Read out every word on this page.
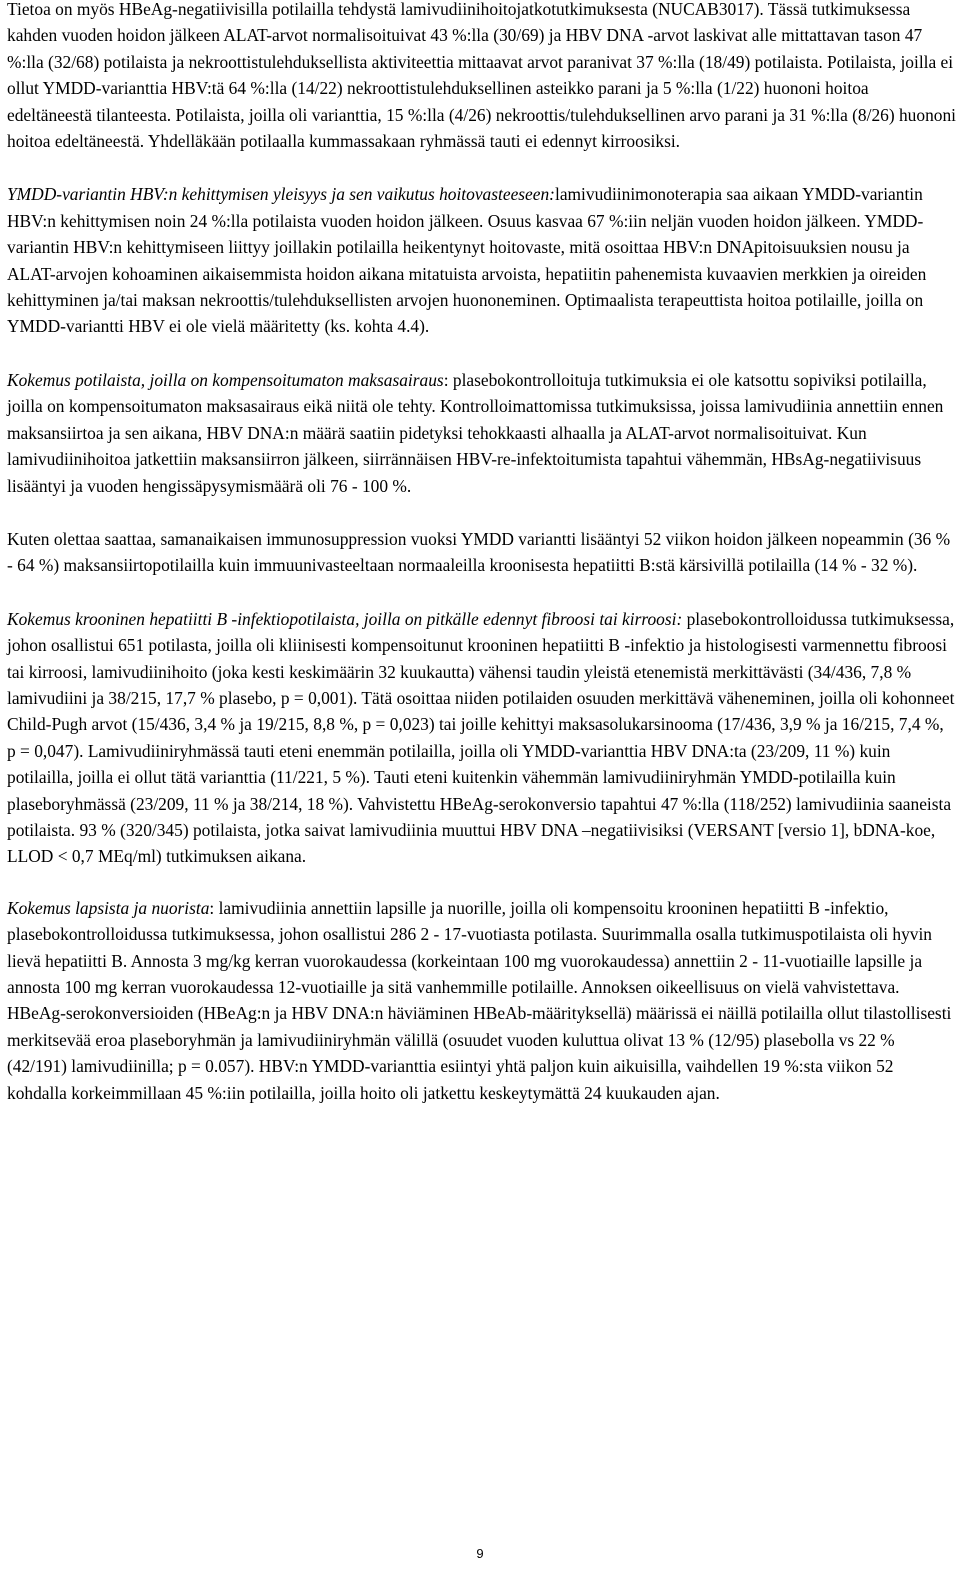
Tietoa on myös HBeAg-negatiivisilla potilailla tehdystä lamivudiinihoitojatkotutkimuksesta (NUCAB3017). Tässä tutkimuksessa kahden vuoden hoidon jälkeen ALAT-arvot normalisoituivat 43 %:lla (30/69) ja HBV DNA -arvot laskivat alle mittattavan tason 47 %:lla (32/68) potilaista ja nekroottistulehduksellista aktiviteettia mittaavat arvot paranivat 37 %:lla (18/49) potilaista. Potilaista, joilla ei ollut YMDD-varianttia HBV:tä 64 %:lla (14/22) nekroottistulehduksellinen asteikko parani ja 5 %:lla (1/22) huononi hoitoa edeltäneestä tilanteesta. Potilaista, joilla oli varianttia, 15 %:lla (4/26) nekroottis/tulehduksellinen arvo parani ja 31 %:lla (8/26) huononi hoitoa edeltäneestä. Yhdelläkään potilaalla kummassakaan ryhmässä tauti ei edennyt kirroosiksi.

YMDD-variantin HBV:n kehittymisen yleisyys ja sen vaikutus hoitovasteeseen:lamivudiinimonoterapia saa aikaan YMDD-variantin HBV:n kehittymisen noin 24 %:lla potilaista vuoden hoidon jälkeen. Osuus kasvaa 67 %:iin neljän vuoden hoidon jälkeen. YMDD-variantin HBV:n kehittymiseen liittyy joillakin potilailla heikentynyt hoitovaste, mitä osoittaa HBV:n DNApitoisuuksien nousu ja ALAT-arvojen kohoaminen aikaisemmista hoidon aikana mitatuista arvoista, hepatiitin pahenemista kuvaavien merkkien ja oireiden kehittyminen ja/tai maksan nekroottis/tulehduksellisten arvojen huononeminen. Optimaalista terapeuttista hoitoa potilaille, joilla on YMDD-variantti HBV ei ole vielä määritetty (ks. kohta 4.4).

Kokemus potilaista, joilla on kompensoitumaton maksasairaus: plasebokontrolloituja tutkimuksia ei ole katsottu sopiviksi potilailla, joilla on kompensoitumaton maksasairaus eikä niitä ole tehty. Kontrolloimattomissa tutkimuksissa, joissa lamivudiinia annettiin ennen maksansiirtoa ja sen aikana, HBV DNA:n määrä saatiin pidetyksi tehokkaasti alhaalla ja ALAT-arvot normalisoituivat. Kun lamivudiinihoitoa jatkettiin maksansiirron jälkeen, siirrännäisen HBV-re-infektoitumista tapahtui vähemmän, HBsAg-negatiivisuus lisääntyi ja vuoden hengissäpysymismäärä oli 76 - 100 %.

Kuten olettaa saattaa, samanaikaisen immunosuppression vuoksi YMDD variantti lisääntyi 52 viikon hoidon jälkeen nopeammin (36 % - 64 %) maksansiirtopotilailla kuin immuunivasteeltaan normaaleilla kroonisesta hepatiitti B:stä kärsivillä potilailla (14 % - 32 %).

Kokemus krooninen hepatiitti B -infektiopotilaista, joilla on pitkälle edennyt fibroosi tai kirroosi: plasebokontrolloidussa tutkimuksessa, johon osallistui 651 potilasta, joilla oli kliinisesti kompensoitunut krooninen hepatiitti B -infektio ja histologisesti varmennettu fibroosi tai kirroosi, lamivudiinihoito (joka kesti keskimäärin 32 kuukautta) vähensi taudin yleistä etenemistä merkittävästi (34/436, 7,8 % lamivudiini ja 38/215, 17,7 % plasebo, p = 0,001). Tätä osoittaa niiden potilaiden osuuden merkittävä väheneminen, joilla oli kohonneet Child-Pugh arvot (15/436, 3,4 % ja 19/215, 8,8 %, p = 0,023) tai joille kehittyi maksasolukarsinooma (17/436, 3,9 % ja 16/215, 7,4 %, p = 0,047). Lamivudiiniryhmässä tauti eteni enemmän potilailla, joilla oli YMDD-varianttia HBV DNA:ta (23/209, 11 %) kuin potilailla, joilla ei ollut tätä varianttia (11/221, 5 %). Tauti eteni kuitenkin vähemmän lamivudiiniryhmän YMDD-potilailla kuin plaseboryhmässä (23/209, 11 % ja 38/214, 18 %). Vahvistettu HBeAg-serokonversio tapahtui 47 %:lla (118/252) lamivudiinia saaneista potilaista. 93 % (320/345) potilaista, jotka saivat lamivudiinia muuttui HBV DNA –negatiivisiksi (VERSANT [versio 1], bDNA-koe, LLOD < 0,7 MEq/ml) tutkimuksen aikana.

Kokemus lapsista ja nuorista: lamivudiinia annettiin lapsille ja nuorille, joilla oli kompensoitu krooninen hepatiitti B -infektio, plasebokontrolloidussa tutkimuksessa, johon osallistui 286 2 - 17-vuotiasta potilasta. Suurimmalla osalla tutkimuspotilaista oli hyvin lievä hepatiitti B. Annosta 3 mg/kg kerran vuorokaudessa (korkeintaan 100 mg vuorokaudessa) annettiin 2 - 11-vuotiaille lapsille ja annosta 100 mg kerran vuorokaudessa 12-vuotiaille ja sitä vanhemmille potilaille. Annoksen oikeellisuus on vielä vahvistettava. HBeAg-serokonversioiden (HBeAg:n ja HBV DNA:n häviäminen HBeAb-määrityksellä) määrissä ei näillä potilailla ollut tilastollisesti merkitsevää eroa plaseboryhmän ja lamivudiiniryhmän välillä (osuudet vuoden kuluttua olivat 13 % (12/95) plasebolla vs 22 % (42/191) lamivudiinilla; p = 0.057). HBV:n YMDD-varianttia esiintyi yhtä paljon kuin aikuisilla, vaihdellen 19 %:sta viikon 52 kohdalla korkeimmillaan 45 %:iin potilailla, joilla hoito oli jatkettu keskeytymättä 24 kuukauden ajan.

9
